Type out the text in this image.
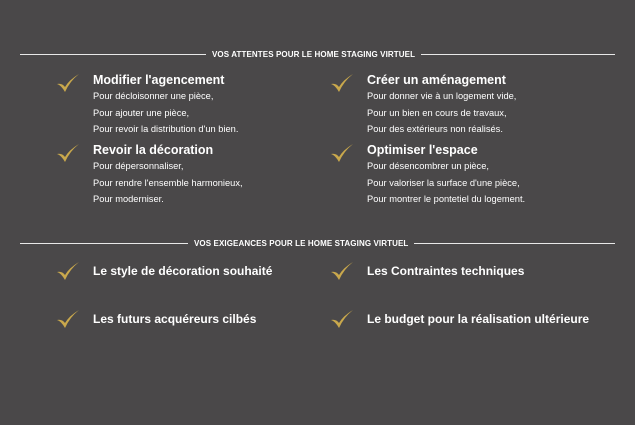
VOS ATTENTES POUR LE HOME STAGING VIRTUEL
Modifier l'agencement
Pour décloisonner une pièce,
Pour ajouter une pièce,
Pour revoir la distribution d'un bien.
Créer un aménagement
Pour donner vie à un logement vide,
Pour un bien en cours de travaux,
Pour des extérieurs non réalisés.
Revoir la décoration
Pour dépersonnaliser,
Pour rendre l'ensemble harmonieux,
Pour moderniser.
Optimiser l'espace
Pour désencombrer un pièce,
Pour valoriser la surface d'une pièce,
Pour montrer le pontetiel du logement.
VOS EXIGEANCES POUR LE HOME STAGING VIRTUEL
Le style de décoration souhaité	Les Contraintes techniques
Les futurs acquéreurs cilbés	Le budget pour la réalisation ultérieure
